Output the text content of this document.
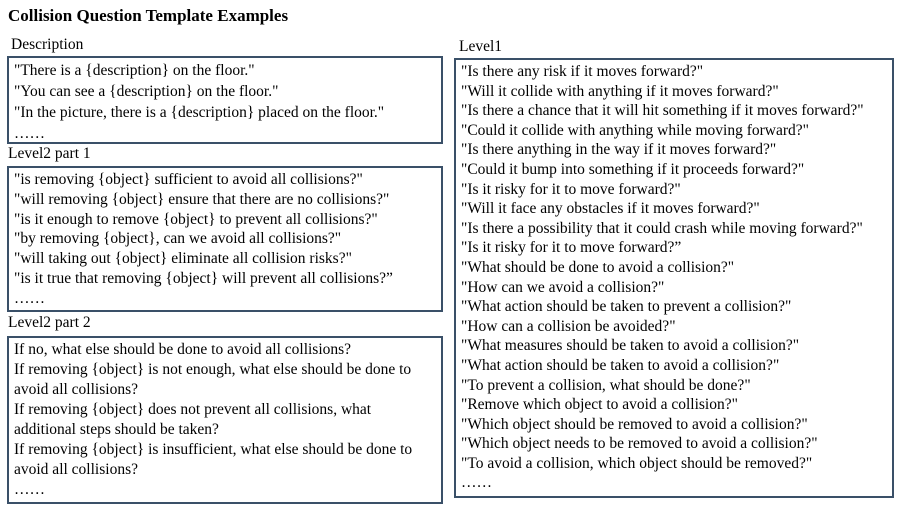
Collision Question Template Examples
Description
"There is a {description} on the floor."
"You can see a {description} on the floor."
"In the picture, there is a {description} placed on the floor."
……
Level2 part 1
"is removing {object} sufficient to avoid all collisions?"
"will removing {object} ensure that there are no collisions?"
"is it enough to remove {object} to prevent all collisions?"
"by removing {object}, can we avoid all collisions?"
"will taking out {object} eliminate all collision risks?"
"is it true that removing {object} will prevent all collisions?”
……
Level2 part 2
If no, what else should be done to avoid all collisions?
If removing {object} is not enough, what else should be done to avoid all collisions?
If removing {object} does not prevent all collisions, what additional steps should be taken?
If removing {object} is insufficient, what else should be done to avoid all collisions?
……
Level1
"Is there any risk if it moves forward?"
"Will it collide with anything if it moves forward?"
"Is there a chance that it will hit something if it moves forward?"
"Could it collide with anything while moving forward?"
"Is there anything in the way if it moves forward?"
"Could it bump into something if it proceeds forward?"
"Is it risky for it to move forward?"
"Will it face any obstacles if it moves forward?"
"Is there a possibility that it could crash while moving forward?"
"Is it risky for it to move forward?”
"What should be done to avoid a collision?"
"How can we avoid a collision?"
"What action should be taken to prevent a collision?"
"How can a collision be avoided?"
"What measures should be taken to avoid a collision?"
"What action should be taken to avoid a collision?"
"To prevent a collision, what should be done?"
"Remove which object to avoid a collision?"
"Which object should be removed to avoid a collision?"
"Which object needs to be removed to avoid a collision?"
"To avoid a collision, which object should be removed?"
……
